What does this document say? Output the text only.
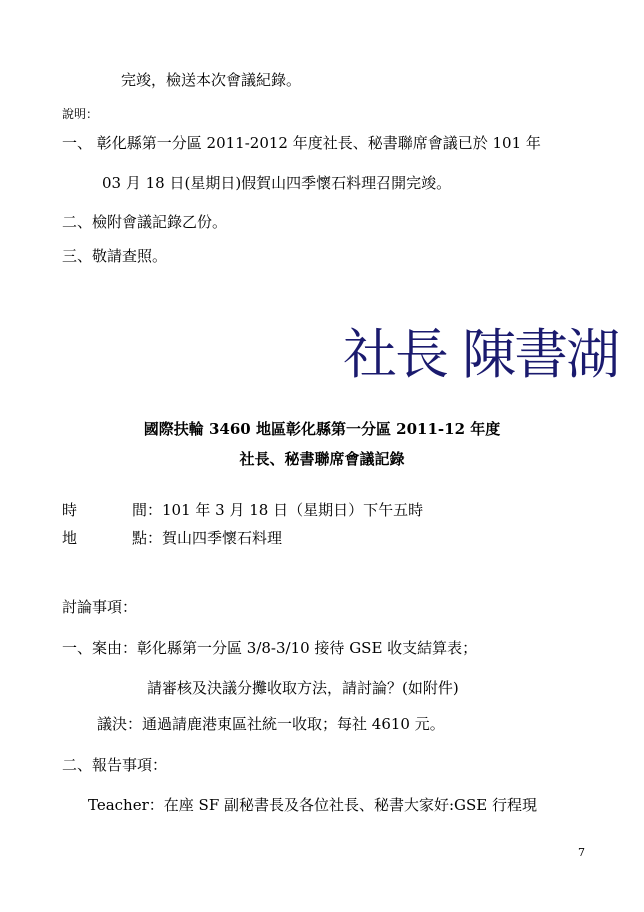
完竣，檢送本次會議紀錄。
說明：
一、 彰化縣第一分區 2011-2012 年度社長、秘書聯席會議已於 101 年
03 月 18 日(星期日)假賀山四季懷石料理召開完竣。
二、檢附會議記錄乙份。
三、敬請查照。
社長 陳書湖
國際扶輪 3460 地區彰化縣第一分區 2011-12 年度
社長、秘書聯席會議記錄
時	間：101 年 3 月 18 日（星期日）下午五時
地	點：賀山四季懷石料理
討論事項：
一、案由：彰化縣第一分區 3/8-3/10 接待 GSE 收支結算表；
請審核及決議分攤收取方法，請討論？(如附件)
議決：通過請鹿港東區社統一收取；每社 4610 元。
二、報告事項：
Teacher：在座 SF 副秘書長及各位社長、秘書大家好:GSE 行程現
7
